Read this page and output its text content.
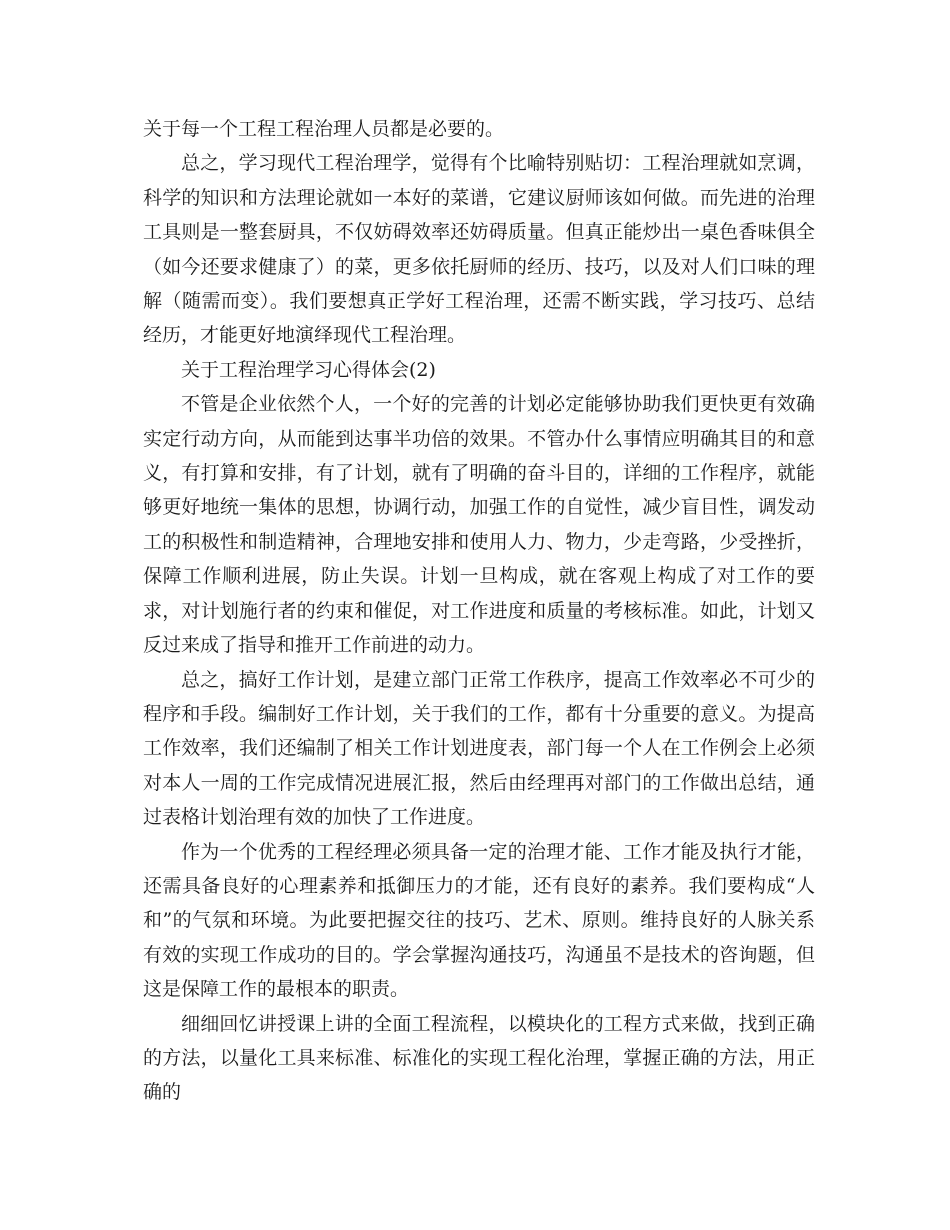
关于每一个工程工程治理人员都是必要的。

总之，学习现代工程治理学，觉得有个比喻特别贴切：工程治理就如烹调，科学的知识和方法理论就如一本好的菜谱，它建议厨师该如何做。而先进的治理工具则是一整套厨具，不仅妨碍效率还妨碍质量。但真正能炒出一桌色香味俱全（如今还要求健康了）的菜，更多依托厨师的经历、技巧，以及对人们口味的理解（随需而变）。我们要想真正学好工程治理，还需不断实践，学习技巧、总结经历，才能更好地演绎现代工程治理。

关于工程治理学习心得体会(2)

不管是企业依然个人，一个好的完善的计划必定能够协助我们更快更有效确实定行动方向，从而能到达事半功倍的效果。不管办什么事情应明确其目的和意义，有打算和安排，有了计划，就有了明确的奋斗目的，详细的工作程序，就能够更好地统一集体的思想，协调行动，加强工作的自觉性，减少盲目性，调发动工的积极性和制造精神，合理地安排和使用人力、物力，少走弯路，少受挫折，保障工作顺利进展，防止失误。计划一旦构成，就在客观上构成了对工作的要求，对计划施行者的约束和催促，对工作进度和质量的考核标准。如此，计划又反过来成了指导和推开工作前进的动力。

总之，搞好工作计划，是建立部门正常工作秩序，提高工作效率必不可少的程序和手段。编制好工作计划，关于我们的工作，都有十分重要的意义。为提高工作效率，我们还编制了相关工作计划进度表，部门每一个人在工作例会上必须对本人一周的工作完成情况进展汇报，然后由经理再对部门的工作做出总结，通过表格计划治理有效的加快了工作进度。

作为一个优秀的工程经理必须具备一定的治理才能、工作才能及执行才能，还需具备良好的心理素养和抵御压力的才能，还有良好的素养。我们要构成“人和”的气氛和环境。为此要把握交往的技巧、艺术、原则。维持良好的人脉关系有效的实现工作成功的目的。学会掌握沟通技巧，沟通虽不是技术的咨询题，但这是保障工作的最根本的职责。

细细回忆讲授课上讲的全面工程流程，以模块化的工程方式来做，找到正确的方法，以量化工具来标准、标准化的实现工程化治理，掌握正确的方法，用正确的
